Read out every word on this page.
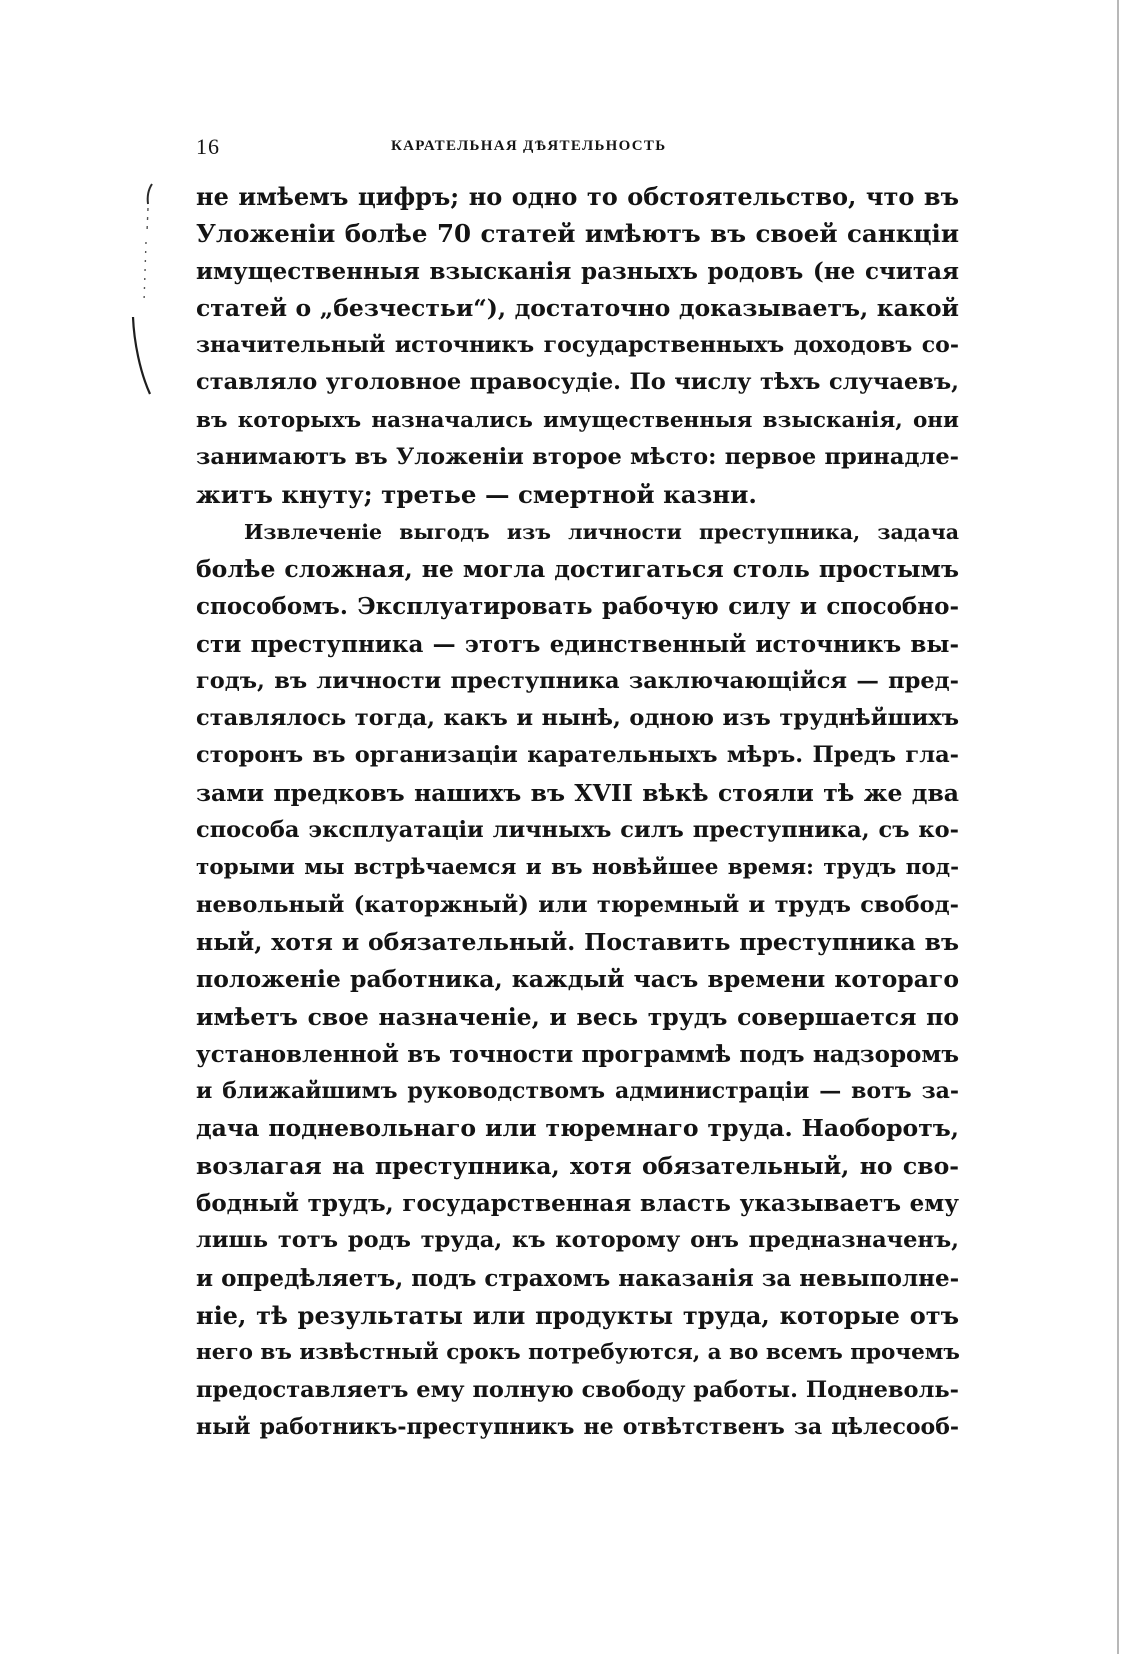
16	КАРАТЕЛЬНАЯ ДѢЯТЕЛЬНОСТЬ
не имѣемъ цифръ; но одно то обстоятельство, что въ
Уложеніи болѣе 70 статей имѣютъ въ своей санкціи
имущественныя взысканія разныхъ родовъ (не считая
статей о „безчестьи“), достаточно доказываетъ, какой
значительный источникъ государственныхъ доходовъ со-
ставляло уголовное правосудіе. По числу тѣхъ случаевъ,
въ которыхъ назначались имущественныя взысканія, они
занимаютъ въ Уложеніи второе мѣсто: первое принадле-
житъ кнуту; третье — смертной казни.
Извлеченіе выгодъ изъ личности преступника, задача
болѣе сложная, не могла достигаться столь простымъ
способомъ. Эксплуатировать рабочую силу и способно-
сти преступника — этотъ единственный источникъ вы-
годъ, въ личности преступника заключающійся — пред-
ставлялось тогда, какъ и нынѣ, одною изъ труднѣйшихъ
сторонъ въ организаціи карательныхъ мѣръ. Предъ гла-
зами предковъ нашихъ въ XVII вѣкѣ стояли тѣ же два
способа эксплуатаціи личныхъ силъ преступника, съ ко-
торыми мы встрѣчаемся и въ новѣйшее время: трудъ под-
невольный (каторжный) или тюремный и трудъ свобод-
ный, хотя и обязательный. Поставить преступника въ
положеніе работника, каждый часъ времени котораго
имѣетъ свое назначеніе, и весь трудъ совершается по
установленной въ точности программѣ подъ надзоромъ
и ближайшимъ руководствомъ администраціи — вотъ за-
дача подневольнаго или тюремнаго труда. Наоборотъ,
возлагая на преступника, хотя обязательный, но сво-
бодный трудъ, государственная власть указываетъ ему
лишь тотъ родъ труда, къ которому онъ предназначенъ,
и опредѣляетъ, подъ страхомъ наказанія за невыполне-
ніе, тѣ результаты или продукты труда, которые отъ
него въ извѣстный срокъ потребуются, а во всемъ прочемъ
предоставляетъ ему полную свободу работы. Подневоль-
ный работникъ-преступникъ не отвѣтственъ за цѣлесооб-
